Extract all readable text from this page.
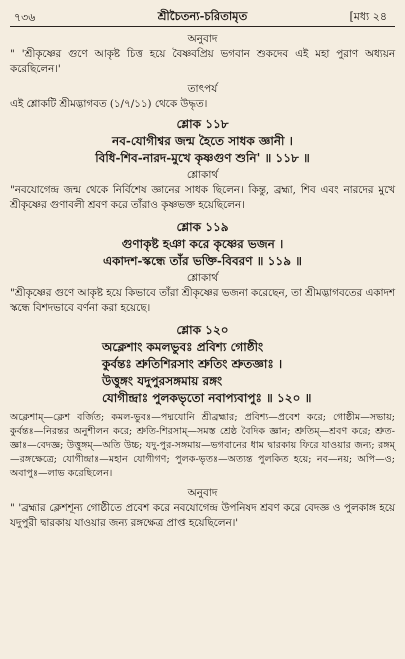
৭৩৬	শ্রীচৈতন্য-চরিতামৃত	[মধ্য ২৪
অনুবাদ
" 'শ্রীকৃষ্ণের গুণে আকৃষ্ট চিত্ত হয়ে বৈষ্ণবপ্রিয় ভগবান শুকদেব এই মহা পুরাণ অধ্যয়ন করেছিলেন।'
তাৎপর্য
এই শ্লোকটি শ্রীমদ্ভাগবত (১/৭/১১) থেকে উদ্ধৃত।
শ্লোক ১১৮
নব-যোগীশ্বর জন্ম হৈতে সাধক জ্ঞানী ।
বিধি-শিব-নারদ-মুখে কৃষ্ণগুণ শুনি' ॥ ১১৮ ॥
শ্লোকার্থ
"নবযোগেন্দ্র জন্ম থেকে নির্বিশেষ জ্ঞানের সাধক ছিলেন। কিন্তু, ব্রহ্মা, শিব এবং নারদের মুখে শ্রীকৃষ্ণের গুণাবলী শ্রবণ করে তাঁরাও কৃষ্ণভক্ত হয়েছিলেন।
শ্লোক ১১৯
গুণাকৃষ্ট হঞা করে কৃষ্ণের ভজন ।
একাদশ-স্কন্ধে তাঁর ভক্তি-বিবরণ ॥ ১১৯ ॥
শ্লোকার্থ
"শ্রীকৃষ্ণের গুণে আকৃষ্ট হয়ে কিভাবে তাঁরা শ্রীকৃষ্ণের ভজনা করেছেন, তা শ্রীমদ্ভাগবতের একাদশ স্কন্ধে বিশদভাবে বর্ণনা করা হয়েছে।
শ্লোক ১২০
অক্লেশাং কমলভুবঃ প্রবিশ্য গোষ্ঠীং
কুর্বন্তঃ শ্রুতিশিরসাং শ্রুতিং শ্রুতজ্ঞাঃ ।
উত্তুঙ্গং যদুপুরসঙ্গমায় রঙ্গং
যোগীন্দ্রাঃ পুলকভৃতো নবাপ্যবাপুঃ ॥ ১২০ ॥
অক্লেশাম্—ক্লেশ বর্জিত; কমল-ভুবঃ—পদ্মযোনি শ্রীব্রহ্মার; প্রবিশ্য—প্রবেশ করে; গোষ্ঠীম—সভায়; কুর্বন্তঃ—নিরন্তর অনুশীলন করে; শ্রুতি-শিরসাম্—সমস্ত শ্রেষ্ঠ বৈদিক জ্ঞান; শ্রুতিম্—শ্রবণ করে; শ্রুত-জ্ঞাঃ—বেদজ্ঞ; উত্তুঙ্গম্—অতি উচ্চ; যদু-পুর-সঙ্গমায়—ভগবানের ধাম দ্বারকায় ফিরে যাওয়ার জন্য; রঙ্গম্—রঙ্গক্ষেত্রে; যোগীন্দ্রাঃ—মহান যোগীগণ; পুলক-ভৃতঃ—অত্যন্ত পুলকিত হয়ে; নব—নয়; অপি—ও; অবাপুঃ—লাভ করেছিলেন।
অনুবাদ
" 'ব্রহ্মার ক্লেশশূন্য গোষ্ঠীতে প্রবেশ করে নবযোগেন্দ্র উপনিষদ শ্রবণ করে বেদজ্ঞ ও পুলকাঙ্গ হয়ে যদুপুরী দ্বারকায় যাওয়ার জন্য রঙ্গক্ষেত্র প্রাপ্ত হয়েছিলেন।'
